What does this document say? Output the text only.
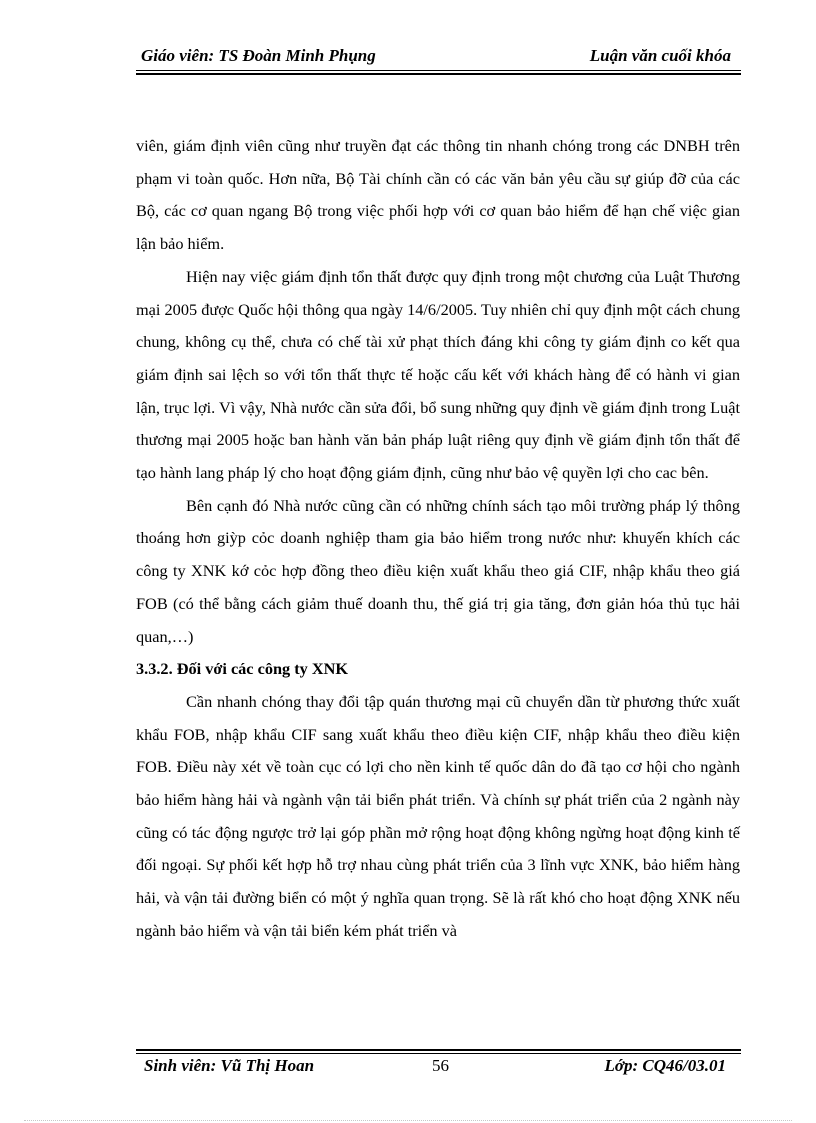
Giáo viên: TS Đoàn Minh Phụng	Luận văn cuối khóa

viên, giám định viên cũng như truyền đạt các thông tin nhanh chóng trong các DNBH trên phạm vi toàn quốc. Hơn nữa, Bộ Tài chính cần có các văn bản yêu cầu sự giúp đỡ của các Bộ, các cơ quan ngang Bộ trong việc phối hợp với cơ quan bảo hiểm để hạn chế việc gian lận bảo hiểm.

Hiện nay việc giám định tổn thất được quy định trong một chương của Luật Thương mại 2005 được Quốc hội thông qua ngày 14/6/2005. Tuy nhiên chỉ quy định một cách chung chung, không cụ thể, chưa có chế tài xử phạt thích đáng khi công ty giám định co kết qua giám định sai lệch so với tổn thất thực tế hoặc cấu kết với khách hàng để có hành vi gian lận, trục lợi. Vì vậy, Nhà nước cần sửa đổi, bổ sung những quy định về giám định trong Luật thương mại 2005 hoặc ban hành văn bản pháp luật riêng quy định về giám định tổn thất để tạo hành lang pháp lý cho hoạt động giám định, cũng như bảo vệ quyền lợi cho cac bên.

Bên cạnh đó Nhà nước cũng cần có những chính sách tạo môi trường pháp lý thông thoáng hơn giỳp cỏc doanh nghiệp tham gia bảo hiểm trong nước như: khuyến khích các công ty XNK kớ cỏc hợp đồng theo điều kiện xuất khẩu theo giá CIF, nhập khẩu theo giá FOB (có thể bằng cách giảm thuế doanh thu, thế giá trị gia tăng, đơn giản hóa thủ tục hải quan,…)

3.3.2. Đối với các công ty XNK

Cần nhanh chóng thay đổi tập quán thương mại cũ chuyển dần từ phương thức xuất khẩu FOB, nhập khẩu CIF sang xuất khẩu theo điều kiện CIF, nhập khẩu theo điều kiện FOB. Điều này xét về toàn cục có lợi cho nền kinh tế quốc dân do đã tạo cơ hội cho ngành bảo hiểm hàng hải và ngành vận tải biển phát triển. Và chính sự phát triển của 2 ngành này cũng có tác động ngược trở lại góp phần mở rộng hoạt động không ngừng hoạt động kinh tế đối ngoại. Sự phối kết hợp hỗ trợ nhau cùng phát triển của 3 lĩnh vực XNK, bảo hiểm hàng hải, và vận tải đường biển có một ý nghĩa quan trọng. Sẽ là rất khó cho hoạt động XNK nếu ngành bảo hiểm và vận tải biển kém phát triển và

Sinh viên: Vũ Thị Hoan	56	Lớp: CQ46/03.01
